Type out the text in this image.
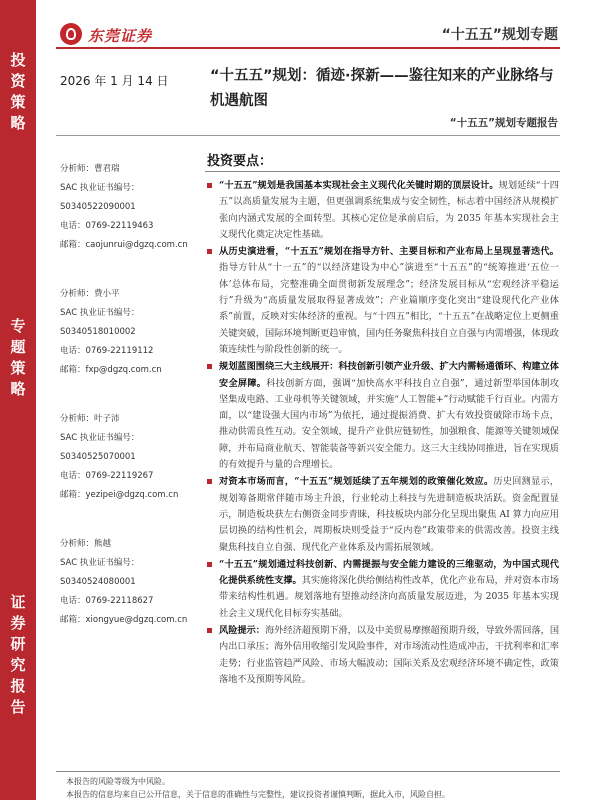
投
资
策
略
专
题
策
略
证
券
研
究
报
告
东莞证券	“十五五”规划专题
2026 年 1 月 14 日	“十五五”规划：循迹·探新——鉴往知来的产业脉络与机遇航图
“十五五”规划专题报告
分析师：曹君瑞
SAC 执业证书编号：
S0340522090001
电话：0769-22119463
邮箱：caojunrui@dgzq.com.cn
分析师：费小平
SAC 执业证书编号：
S0340518010002
电话：0769-22119112
邮箱：fxp@dgzq.com.cn
分析师：叶子沛
SAC 执业证书编号：
S0340525070001
电话：0769-22119267
邮箱：yezipei@dgzq.com.cn
分析师：熊越
SAC 执业证书编号：
S0340524080001
电话：0769-22118627
邮箱：xiongyue@dgzq.com.cn
投资要点：
“十五五”规划是我国基本实现社会主义现代化关键时期的顶层设计。规划延续“十四五”以高质量发展为主题，但更强调系统集成与安全韧性，标志着中国经济从规模扩张向内涵式发展的全面转型。其核心定位是承前启后，为 2035 年基本实现社会主义现代化奠定决定性基础。
从历史演进看，“十五五”规划在指导方针、主要目标和产业布局上呈现显著迭代。指导方针从“十一五”的“以经济建设为中心”演进至“十五五”的“统筹推进‘五位一体’总体布局，完整准确全面贯彻新发展理念”；经济发展目标从“宏观经济平稳运行”升级为“高质量发展取得显著成效”；产业篇顺序变化突出“建设现代化产业体系”前置，反映对实体经济的重视。与“十四五”相比，“十五五”在战略定位上更侧重关键突破，国际环境判断更趋审慎，国内任务聚焦科技自立自强与内需增强，体现政策连续性与阶段性创新的统一。
规划蓝图围绕三大主线展开：科技创新引领产业升级、扩大内需畅通循环、构建立体安全屏障。科技创新方面，强调“加快高水平科技自立自强”，通过新型举国体制攻坚集成电路、工业母机等关键领域，并实施“人工智能+”行动赋能千行百业。内需方面，以“建设强大国内市场”为依托，通过提振消费、扩大有效投资破除市场卡点，推动供需良性互动。安全领域，提升产业供应链韧性，加强粮食、能源等关键领域保障，并布局商业航天、智能装备等新兴安全能力。这三大主线协同推进，旨在实现质的有效提升与量的合理增长。
对资本市场而言，“十五五”规划延续了五年规划的政策催化效应。历史回测显示，规划筹备期常伴随市场主升浪，行业轮动上科技与先进制造板块活跃。资金配置显示，制造板块获左右侧资金同步青睐，科技板块内部分化呈现出聚焦 AI 算力向应用层切换的结构性机会，周期板块则受益于“反内卷”政策带来的供需改善。投资主线聚焦科技自立自强、现代化产业体系及内需拓展领域。
“十五五”规划通过科技创新、内需提振与安全能力建设的三维驱动，为中国式现代化提供系统性支撑。其实施将深化供给侧结构性改革，优化产业布局，并对资本市场带来结构性机遇。规划落地有望推动经济向高质量发展迈进，为 2035 年基本实现社会主义现代化目标夯实基础。
风险提示：海外经济超预期下滑，以及中美贸易摩擦超预期升级，导致外需回落，国内出口承压；海外信用收缩引发风险事件，对市场流动性造成冲击，干扰利率和汇率走势；行业监管趋严风险、市场大幅波动；国际关系及宏观经济环境不确定性，政策落地不及预期等风险。
本报告的风险等级为中风险。
本报告的信息均来自已公开信息，关于信息的准确性与完整性，建议投资者谨慎判断，据此入市，风险自担。
